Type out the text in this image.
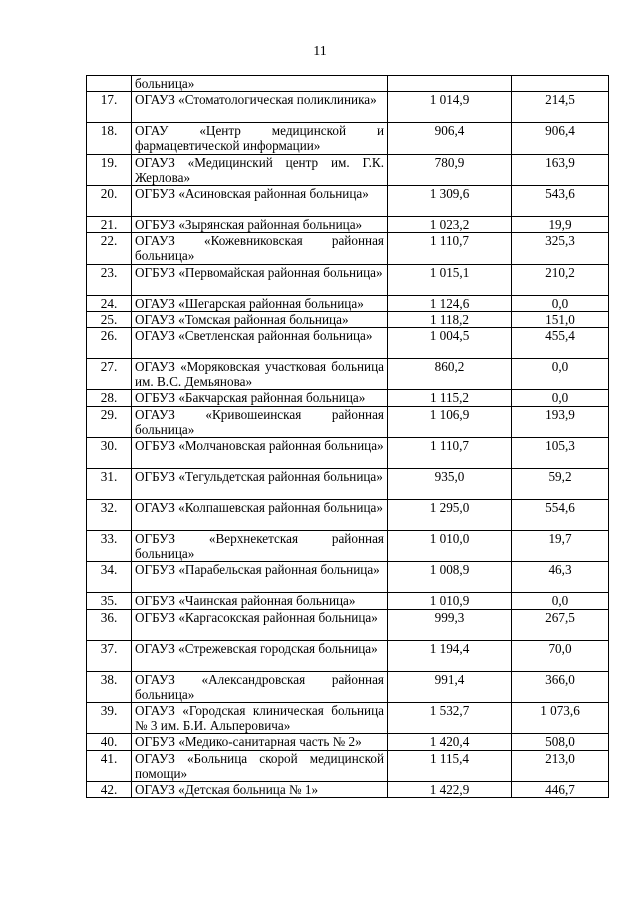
11
	больница»		
17.	ОГАУЗ «Стоматологическая поликлиника»	1 014,9	214,5
18.	ОГАУ «Центр медицинской и фармацевтической информации»	906,4	906,4
19.	ОГАУЗ «Медицинский центр им. Г.К. Жерлова»	780,9	163,9
20.	ОГБУЗ «Асиновская районная больница»	1 309,6	543,6
21.	ОГБУЗ «Зырянская районная больница»	1 023,2	19,9
22.	ОГАУЗ «Кожевниковская районная больница»	1 110,7	325,3
23.	ОГБУЗ «Первомайская районная больница»	1 015,1	210,2
24.	ОГАУЗ «Шегарская районная больница»	1 124,6	0,0
25.	ОГАУЗ «Томская районная больница»	1 118,2	151,0
26.	ОГАУЗ «Светленская районная больница»	1 004,5	455,4
27.	ОГАУЗ «Моряковская участковая больница им. В.С. Демьянова»	860,2	0,0
28.	ОГБУЗ «Бакчарская районная больница»	1 115,2	0,0
29.	ОГАУЗ «Кривошеинская районная больница»	1 106,9	193,9
30.	ОГБУЗ «Молчановская районная больница»	1 110,7	105,3
31.	ОГБУЗ «Тегульдетская районная больница»	935,0	59,2
32.	ОГАУЗ «Колпашевская районная больница»	1 295,0	554,6
33.	ОГБУЗ «Верхнекетская районная больница»	1 010,0	19,7
34.	ОГБУЗ «Парабельская районная больница»	1 008,9	46,3
35.	ОГБУЗ «Чаинская районная больница»	1 010,9	0,0
36.	ОГБУЗ «Каргасокская районная больница»	999,3	267,5
37.	ОГАУЗ «Стрежевская городская больница»	1 194,4	70,0
38.	ОГАУЗ «Александровская районная больница»	991,4	366,0
39.	ОГАУЗ «Городская клиническая больница № 3 им. Б.И. Альперовича»	1 532,7	1 073,6
40.	ОГБУЗ «Медико-санитарная часть № 2»	1 420,4	508,0
41.	ОГАУЗ «Больница скорой медицинской помощи»	1 115,4	213,0
42.	ОГАУЗ «Детская больница № 1»	1 422,9	446,7
